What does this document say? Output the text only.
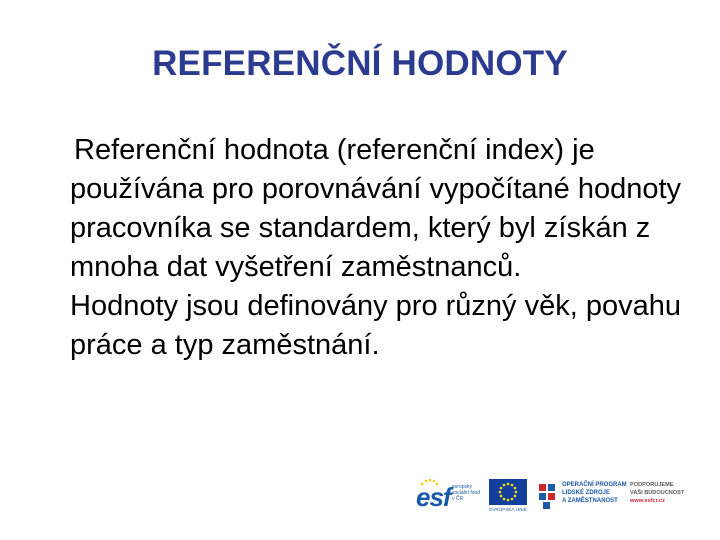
REFERENČNÍ HODNOTY

Referenční hodnota (referenční index) je používána pro porovnávání vypočítané hodnoty pracovníka se standardem, který byl získán z mnoha dat vyšetření zaměstnanců.

Hodnoty jsou definovány pro různý věk, povahu práce a typ zaměstnání.

esf evropský sociální fond v ČR
EVROPSKÁ UNIE
OPERAČNÍ PROGRAM
LIDSKÉ ZDROJE
A ZAMĚSTNANOST
PODPORUJEME
VAŠI BUDOUCNOST
www.esfcr.cz
